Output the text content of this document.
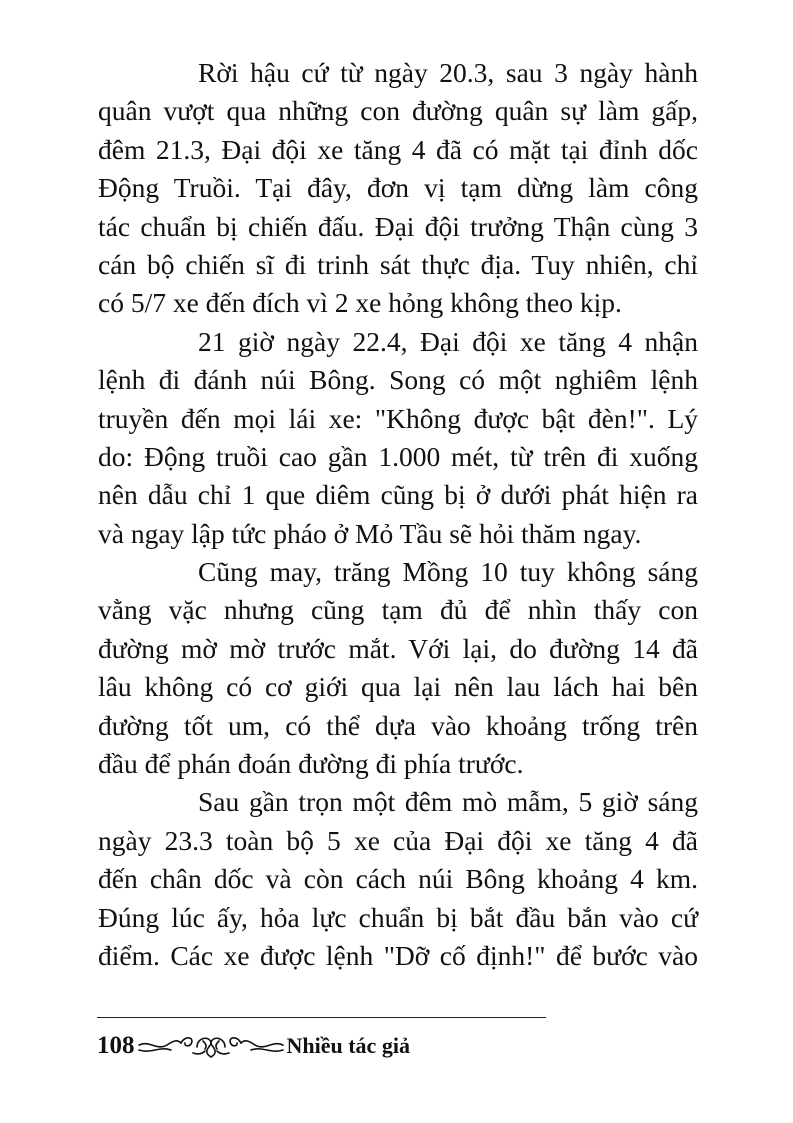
Rời hậu cứ từ ngày 20.3, sau 3 ngày hành
quân vượt qua những con đường quân sự làm gấp,
đêm 21.3, Đại đội xe tăng 4 đã có mặt tại đỉnh dốc
Động Truồi. Tại đây, đơn vị tạm dừng làm công
tác chuẩn bị chiến đấu. Đại đội trưởng Thận cùng 3
cán bộ chiến sĩ đi trinh sát thực địa. Tuy nhiên, chỉ
có 5/7 xe đến đích vì 2 xe hỏng không theo kịp.
21 giờ ngày 22.4, Đại đội xe tăng 4 nhận
lệnh đi đánh núi Bông. Song có một nghiêm lệnh
truyền đến mọi lái xe: "Không được bật đèn!". Lý
do: Động truồi cao gần 1.000 mét, từ trên đi xuống
nên dẫu chỉ 1 que diêm cũng bị ở dưới phát hiện ra
và ngay lập tức pháo ở Mỏ Tầu sẽ hỏi thăm ngay.
Cũng may, trăng Mồng 10 tuy không sáng
vằng vặc nhưng cũng tạm đủ để nhìn thấy con
đường mờ mờ trước mắt. Với lại, do đường 14 đã
lâu không có cơ giới qua lại nên lau lách hai bên
đường tốt um, có thể dựa vào khoảng trống trên
đầu để phán đoán đường đi phía trước.
Sau gần trọn một đêm mò mẫm, 5 giờ sáng
ngày 23.3 toàn bộ 5 xe của Đại đội xe tăng 4 đã
đến chân dốc và còn cách núi Bông khoảng 4 km.
Đúng lúc ấy, hỏa lực chuẩn bị bắt đầu bắn vào cứ
điểm. Các xe được lệnh "Dỡ cố định!" để bước vào
108	Nhiều tác giả
